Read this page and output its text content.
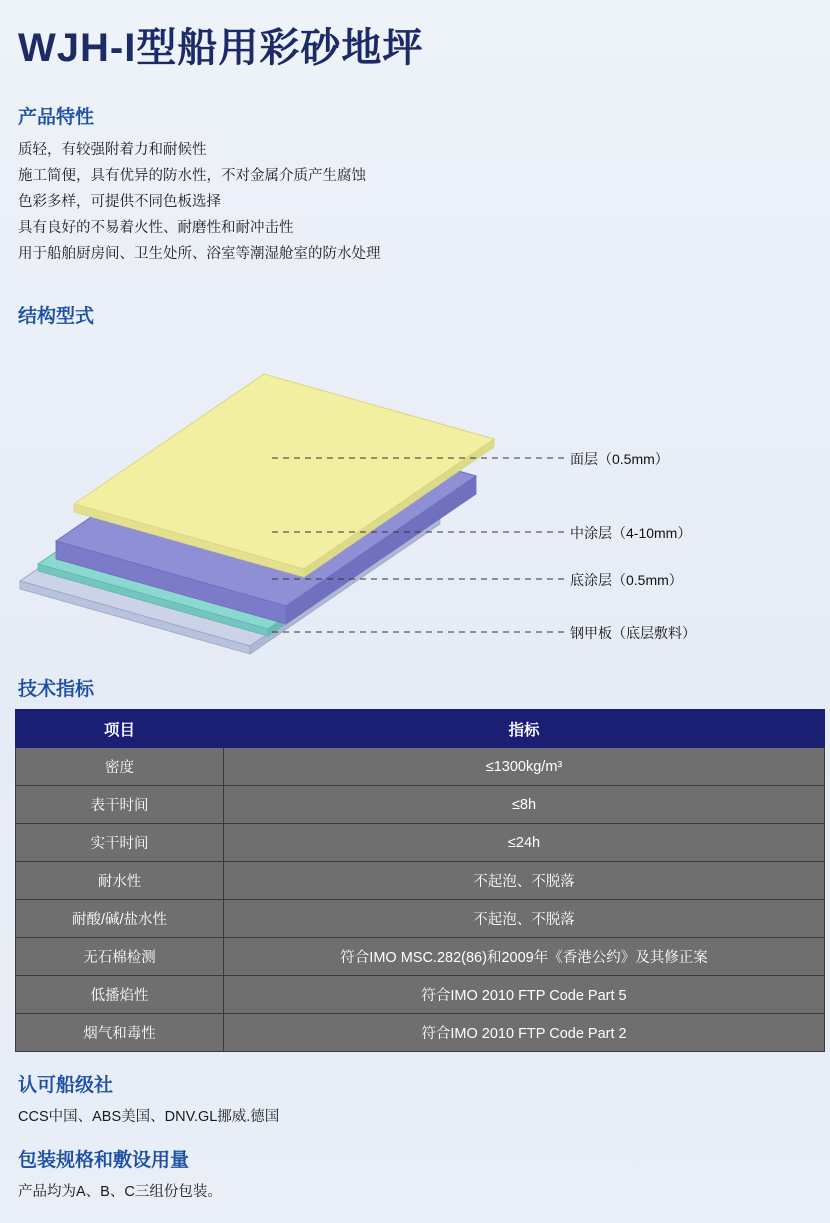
WJH-I型船用彩砂地坪
产品特性
质轻，有较强附着力和耐候性
施工简便，具有优异的防水性，不对金属介质产生腐蚀
色彩多样，可提供不同色板选择
具有良好的不易着火性、耐磨性和耐冲击性
用于船舶厨房间、卫生处所、浴室等潮湿舱室的防水处理
结构型式
面层（0.5mm）
中涂层（4-10mm）
底涂层（0.5mm）
钢甲板（底层敷料）
技术指标
项目	指标
密度	≤1300kg/m³
表干时间	≤8h
实干时间	≤24h
耐水性	不起泡、不脱落
耐酸/碱/盐水性	不起泡、不脱落
无石棉检测	符合IMO MSC.282(86)和2009年《香港公约》及其修正案
低播焰性	符合IMO 2010 FTP Code Part 5
烟气和毒性	符合IMO 2010 FTP Code Part 2
认可船级社
CCS中国、ABS美国、DNV.GL挪威.德国
包装规格和敷设用量
产品均为A、B、C三组份包装。
